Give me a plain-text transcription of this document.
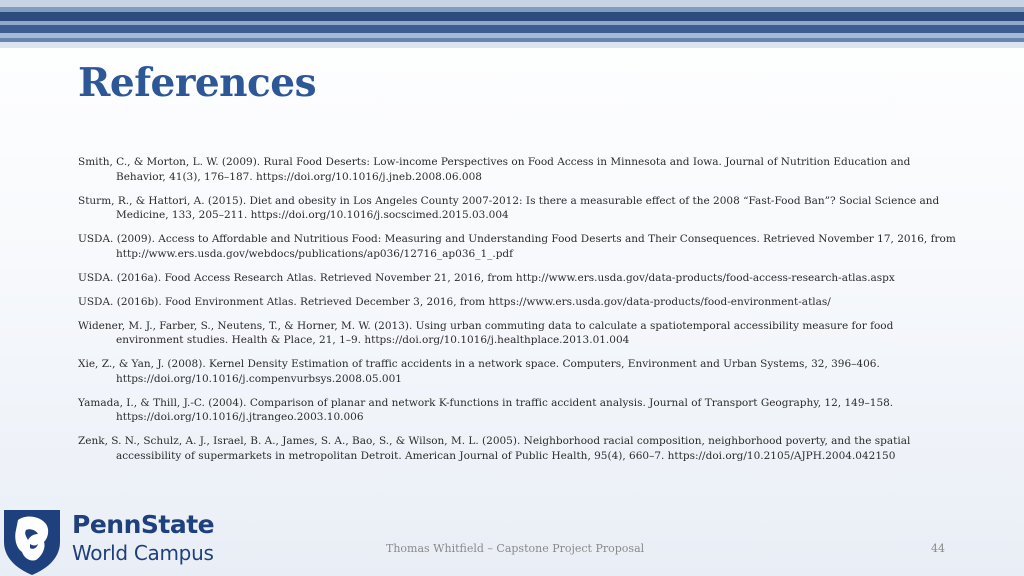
References
Smith, C., & Morton, L. W. (2009). Rural Food Deserts: Low-income Perspectives on Food Access in Minnesota and Iowa. Journal of Nutrition Education and Behavior, 41(3), 176–187. https://doi.org/10.1016/j.jneb.2008.06.008
Sturm, R., & Hattori, A. (2015). Diet and obesity in Los Angeles County 2007-2012: Is there a measurable effect of the 2008 “Fast-Food Ban”? Social Science and Medicine, 133, 205–211. https://doi.org/10.1016/j.socscimed.2015.03.004
USDA. (2009). Access to Affordable and Nutritious Food: Measuring and Understanding Food Deserts and Their Consequences. Retrieved November 17, 2016, from http://www.ers.usda.gov/webdocs/publications/ap036/12716_ap036_1_.pdf
USDA. (2016a). Food Access Research Atlas. Retrieved November 21, 2016, from http://www.ers.usda.gov/data-products/food-access-research-atlas.aspx
USDA. (2016b). Food Environment Atlas. Retrieved December 3, 2016, from https://www.ers.usda.gov/data-products/food-environment-atlas/
Widener, M. J., Farber, S., Neutens, T., & Horner, M. W. (2013). Using urban commuting data to calculate a spatiotemporal accessibility measure for food environment studies. Health & Place, 21, 1–9. https://doi.org/10.1016/j.healthplace.2013.01.004
Xie, Z., & Yan, J. (2008). Kernel Density Estimation of traffic accidents in a network space. Computers, Environment and Urban Systems, 32, 396–406. https://doi.org/10.1016/j.compenvurbsys.2008.05.001
Yamada, I., & Thill, J.-C. (2004). Comparison of planar and network K-functions in traffic accident analysis. Journal of Transport Geography, 12, 149–158. https://doi.org/10.1016/j.jtrangeo.2003.10.006
Zenk, S. N., Schulz, A. J., Israel, B. A., James, S. A., Bao, S., & Wilson, M. L. (2005). Neighborhood racial composition, neighborhood poverty, and the spatial accessibility of supermarkets in metropolitan Detroit. American Journal of Public Health, 95(4), 660–7. https://doi.org/10.2105/AJPH.2004.042150
PennState
World Campus	Thomas Whitfield – Capstone Project Proposal	44
